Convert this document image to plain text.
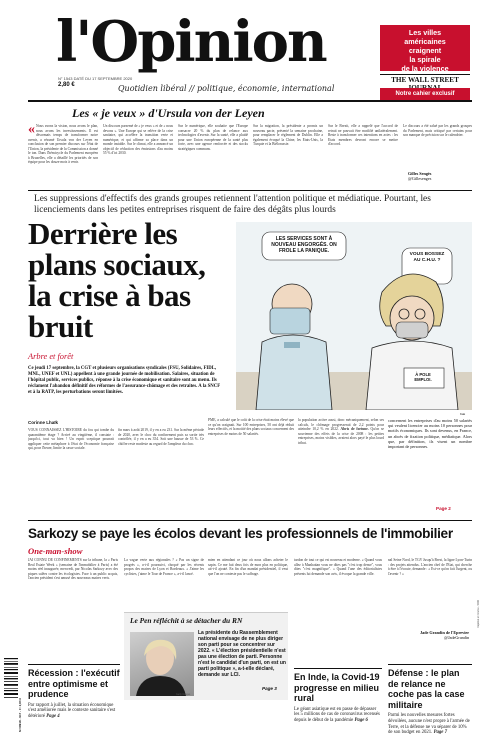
l'Opinion
N° 1543 DATÉ DU 17 SEPTEMBRE 2020
2,80 €	Quotidien libéral // politique, économie, international
Les villes
américaines
craignent
la spirale
de la violence
THE WALL STREET
Notre cahier exclusif
Les « je veux » d'Ursula von der Leyen
« Nous avons la vision, nous avons le plan, nous avons les investissements. Il est désormais temps de transformer notre avenir, a résumé Ursula von der Leyen en conclusion de son premier discours sur l'état de l'Union, la présidente de la Commission a donné le ton. Dans l'hémicycle du Parlement européen à Bruxelles, elle a détaillé les priorités de son équipe pour les douze mois à venir.
Un discours parsemé de « je veux » et de « nous devons ». Une Europe qui se relève de la crise sanitaire, qui accélère la transition verte et numérique, et qui affirme sa place dans un monde instable. Sur le climat, elle a annoncé un objectif de réduction des émissions d'au moins 55 % d'ici 2030.
Sur le numérique, elle souhaite que l'Europe consacre 20 % du plan de relance aux technologies d'avenir. Sur la santé, elle a plaidé pour une Union européenne de la santé plus forte, avec une agence renforcée et des stocks stratégiques communs.
Sur la migration, la présidente a promis un nouveau pacte, présenté la semaine prochaine, pour remplacer le règlement de Dublin. Elle a également évoqué la Chine, les Etats-Unis, la Turquie et la Biélorussie.
Sur le Brexit, elle a rappelé que l'accord de retrait ne pouvait être modifié unilatéralement. Reste à transformer ces intentions en actes : les Etats membres devront encore se mettre d'accord.
Le discours a été salué par les grands groupes du Parlement, mais critiqué par certains pour son manque de précision sur le calendrier.
Gilles Sengès
@Gillesenges
Les suppressions d'effectifs des grands groupes retiennent l'attention politique et médiatique. Pourtant, les licenciements dans les petites entreprises risquent de faire des dégâts plus lourds
Derrière les plans sociaux, la crise à bas bruit
Arbre et forêt
Ce jeudi 17 septembre, la CGT et plusieurs organisations syndicales (FSU, Solidaires, FIDL, MNL, UNEF et UNL) appellent à une grande journée de mobilisation. Salaires, situation de l'hôpital public, services publics, réponse à la crise économique et sanitaire sont au menu. Ils réclament l'abandon définitif des réformes de l'assurance-chômage et des retraites. A la SNCF et à la RATP, les perturbations seront limitées.
Corinne Lhaïk
LES SERVICES SONT À NOUVEAU ENGORGÉS. ON FROLE LA PANIQUE.
VOUS BOSSEZ AU C.H.U. ?
À POLE EMPLOI.
Kak
VOUS CONNAISSEZ L'HISTOIRE du fou qui tombe du quarantième étage ? Arrivé au vingtième, il constate : jusqu'ici, tout va bien ! Un esprit sceptique pourrait appliquer cette métaphore à l'état de l'économie française qui, pour l'heure, limite la casse sociale.
fin mars à août 2019, il y en a eu 231. Sur la même période de 2020, avec le choc du confinement puis sa sortie très contrôlée, il y en a eu 354. Soit une hausse de 53 %. Ce chiffre reste modeste au regard de l'ampleur du choc.
PMÉ, a calculé que le coût de la crise était moins élevé que ce qu'on craignait. Sur 100 entreprises, 50 ont déjà réduit leurs effectifs, et la moitié des plans sociaux concernent des entreprises de moins de 50 salariés.
la population active aussi, donc mécaniquement, selon ses calculs, le chômage progresserait de 2,2 points pour atteindre 10,2 % en 2022. Abris de fortune. Qu'on se souvienne des effets de la crise de 2008 : les petites entreprises, moins visibles, avaient alors payé le plus lourd tribut.
concernent les entreprises d'au moins 50 salariés qui veulent licencier au moins 10 personnes pour motifs économiques. Ils sont devenus, en France, un abcès de fixation politique, médiatique. Alors que, par définition, ils visent un nombre important de personnes.
Page 2
Sarkozy se paye les écolos devant les professionnels de l'immobilier
One-man-show
JAI CONNU DE CONFINEMENTS sur la tribune, la « Paris Real Estate Week » (semaine de l'immobilier à Paris) a été moins réel inaugurée, mercredi, par Nicolas Sarkozy avec des piques salées contre les écologistes. Face à un public acquis, l'ancien président s'est amusé des nouveaux maires verts.
La vague verte aux régionales ? « Pas un signe de progrès », a-t-il poursuivi, choqué par les récents propos des maires de Lyon et Bordeaux. « J'aime les cyclistes, j'aime le Tour de France », a-t-il lancé.
mien en attendant ce jour où nous allons acheter le sapin. Ce me fait deux fois de mon plus en politique, ait-t-il ajouté. En fin d'un mandat présidentiel, il veut que l'on ne conteste pas le suffrage.
tardon de tout ce qui est nouveau et moderne. « Quand vous allez à Manhattan vous ne dites pas "c'est trop dense", vous dites "c'est magnifique". » Quand l'une des éditorialistes présents lui demande son avis, il évoque la grande ville.
nal Seine Nord, le TGV Jusqu'à Brest, la ligne Lyon-Turin : des projets attendus. L'ancien chef de l'Etat, qui cherche à être à l'écoute, demande : « Est-ce qu'on fait l'urgent, ou l'avenir ? »
Jade Grandin de l'Eprevier
@JadeGrandin
Le Pen réfléchit à se détacher du RN
La présidente du Rassemblement national envisage de ne plus diriger son parti pour se concentrer sur 2022. « L'élection présidentielle n'est pas une élection de parti. Personne n'est le candidat d'un parti, on est un parti politique », a-t-elle déclaré, demande sur LCI.
Page 3
Getty Images
Récession : l'exécutif entre optimisme et prudence
Par rapport à juillet, la situation économique s'est améliorée mais le contexte sanitaire s'est détérioré Page 4
En Inde, la Covid-19 progresse en milieu rural
Le géant asiatique est en passe de dépasser les 5 millions de cas de coronavirus recensés depuis le début de la pandémie Page 6
Défense : le plan de relance ne coche pas la case militaire
Parmi les nouvelles mesures fortes dévoilées, aucune n'est propre à l'armée de Terre, et la défense ne va séparer de 10% de son budget en 2021. Page 7
M 09918 - 917 - F: 2,80 €
Imprimé en France - 5000
